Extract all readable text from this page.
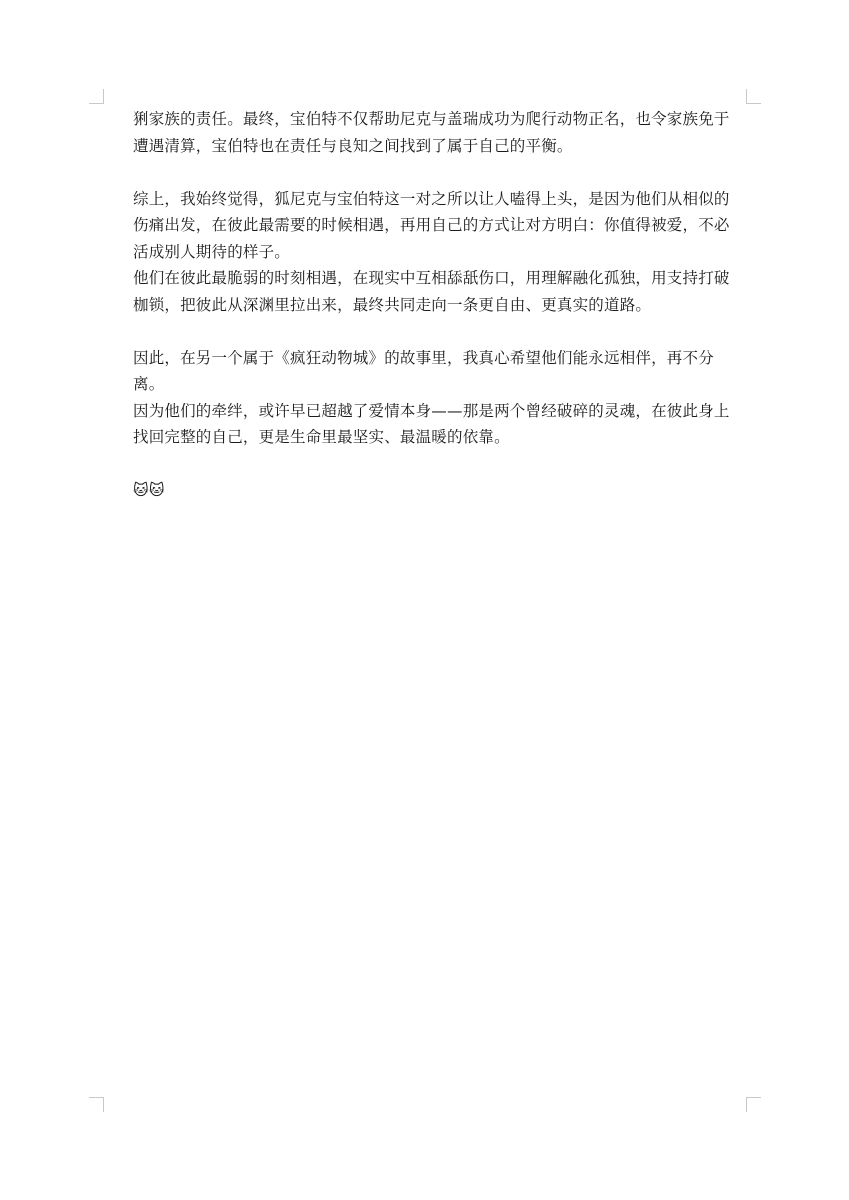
猁家族的责任。最终，宝伯特不仅帮助尼克与盖瑞成功为爬行动物正名，也令家族免于遭遇清算，宝伯特也在责任与良知之间找到了属于自己的平衡。

综上，我始终觉得，狐尼克与宝伯特这一对之所以让人嗑得上头，是因为他们从相似的伤痛出发，在彼此最需要的时候相遇，再用自己的方式让对方明白：你值得被爱，不必活成别人期待的样子。

他们在彼此最脆弱的时刻相遇，在现实中互相舔舐伤口，用理解融化孤独，用支持打破枷锁，把彼此从深渊里拉出来，最终共同走向一条更自由、更真实的道路。

因此，在另一个属于《疯狂动物城》的故事里，我真心希望他们能永远相伴，再不分离。

因为他们的牵绊，或许早已超越了爱情本身——那是两个曾经破碎的灵魂，在彼此身上找回完整的自己，更是生命里最坚实、最温暖的依靠。

🐱🐱
